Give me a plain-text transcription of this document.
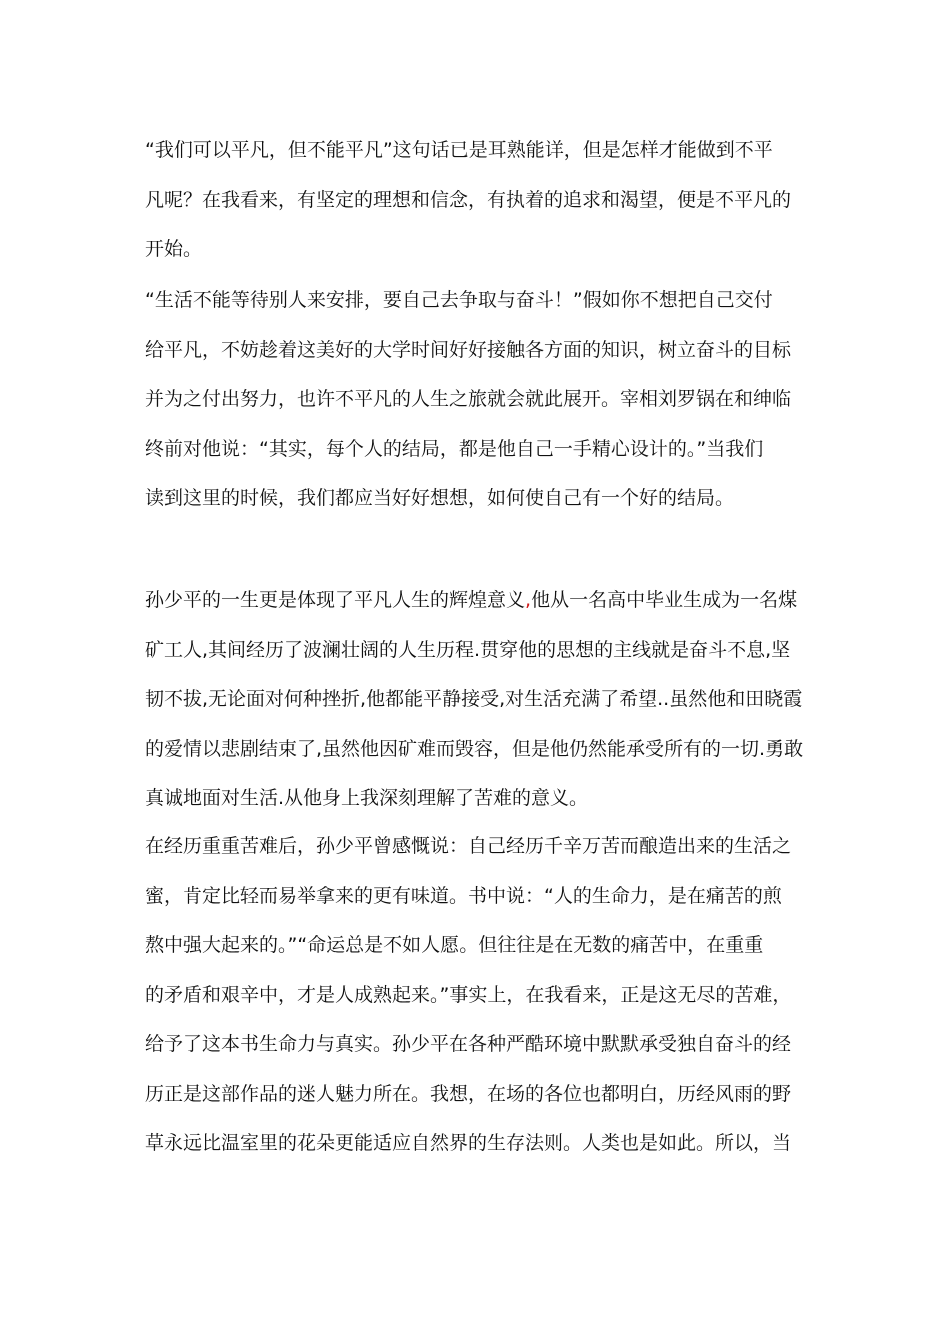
“我们可以平凡，但不能平凡”这句话已是耳熟能详，但是怎样才能做到不平
凡呢？在我看来，有坚定的理想和信念，有执着的追求和渴望，便是不平凡的
开始。
“生活不能等待别人来安排，要自己去争取与奋斗！”假如你不想把自己交付
给平凡，不妨趁着这美好的大学时间好好接触各方面的知识，树立奋斗的目标
并为之付出努力，也许不平凡的人生之旅就会就此展开。宰相刘罗锅在和绅临
终前对他说：“其实，每个人的结局，都是他自己一手精心设计的。”当我们
读到这里的时候，我们都应当好好想想，如何使自己有一个好的结局。
孙少平的一生更是体现了平凡人生的辉煌意义,他从一名高中毕业生成为一名煤
矿工人,其间经历了波澜壮阔的人生历程.贯穿他的思想的主线就是奋斗不息,坚
韧不拔,无论面对何种挫折,他都能平静接受,对生活充满了希望..虽然他和田晓霞
的爱情以悲剧结束了,虽然他因矿难而毁容，但是他仍然能承受所有的一切.勇敢
真诚地面对生活.从他身上我深刻理解了苦难的意义。
在经历重重苦难后，孙少平曾感慨说：自己经历千辛万苦而酿造出来的生活之
蜜，肯定比轻而易举拿来的更有味道。书中说：“人的生命力，是在痛苦的煎
熬中强大起来的。”“命运总是不如人愿。但往往是在无数的痛苦中，在重重
的矛盾和艰辛中，才是人成熟起来。”事实上，在我看来，正是这无尽的苦难，
给予了这本书生命力与真实。孙少平在各种严酷环境中默默承受独自奋斗的经
历正是这部作品的迷人魅力所在。我想，在场的各位也都明白，历经风雨的野
草永远比温室里的花朵更能适应自然界的生存法则。人类也是如此。所以，当
